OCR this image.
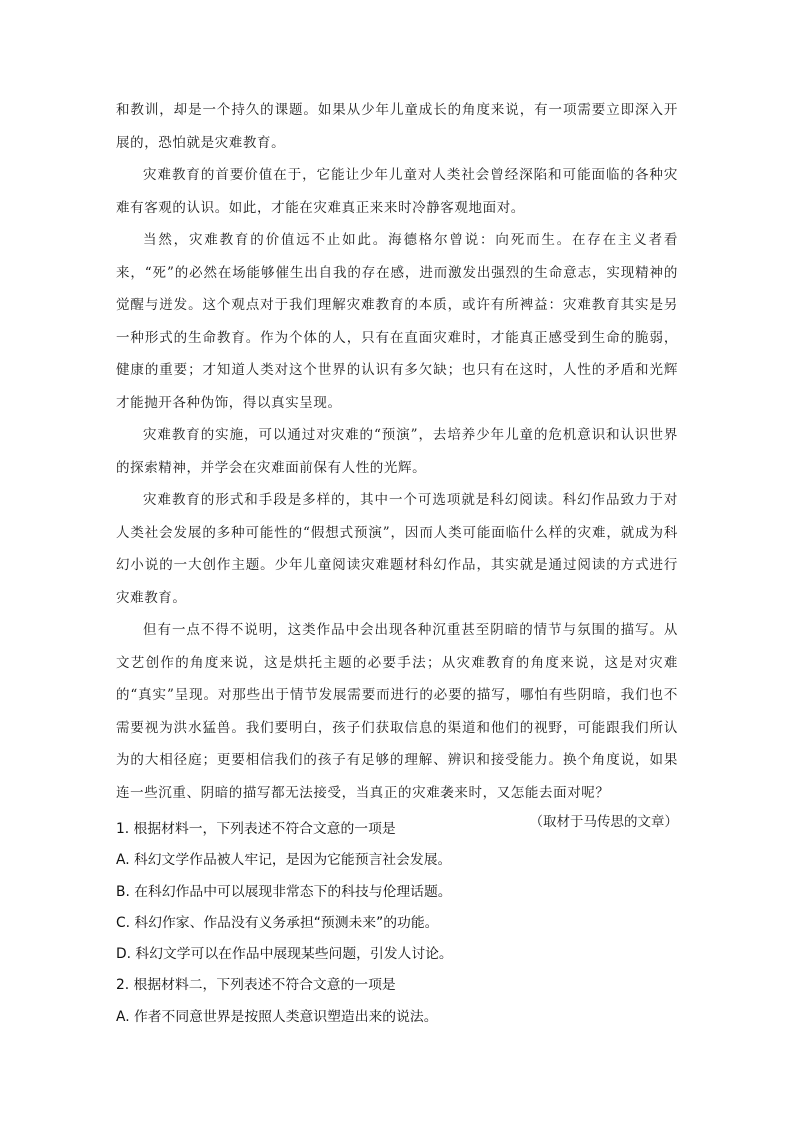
和教训，却是一个持久的课题。如果从少年儿童成长的角度来说，有一项需要立即深入开展的，恐怕就是灾难教育。

灾难教育的首要价值在于，它能让少年儿童对人类社会曾经深陷和可能面临的各种灾难有客观的认识。如此，才能在灾难真正来来时冷静客观地面对。

当然，灾难教育的价值远不止如此。海德格尔曾说：向死而生。在存在主义者看来，“死”的必然在场能够催生出自我的存在感，进而激发出强烈的生命意志，实现精神的觉醒与迸发。这个观点对于我们理解灾难教育的本质，或许有所裨益：灾难教育其实是另一种形式的生命教育。作为个体的人，只有在直面灾难时，才能真正感受到生命的脆弱，健康的重要；才知道人类对这个世界的认识有多欠缺；也只有在这时，人性的矛盾和光辉才能抛开各种伪饰，得以真实呈现。

灾难教育的实施，可以通过对灾难的“预演”，去培养少年儿童的危机意识和认识世界的探索精神，并学会在灾难面前保有人性的光辉。

灾难教育的形式和手段是多样的，其中一个可选项就是科幻阅读。科幻作品致力于对人类社会发展的多种可能性的“假想式预演”，因而人类可能面临什么样的灾难，就成为科幻小说的一大创作主题。少年儿童阅读灾难题材科幻作品，其实就是通过阅读的方式进行灾难教育。

但有一点不得不说明，这类作品中会出现各种沉重甚至阴暗的情节与氛围的描写。从文艺创作的角度来说，这是烘托主题的必要手法；从灾难教育的角度来说，这是对灾难的“真实”呈现。对那些出于情节发展需要而进行的必要的描写，哪怕有些阴暗，我们也不需要视为洪水猛兽。我们要明白，孩子们获取信息的渠道和他们的视野，可能跟我们所认为的大相径庭；更要相信我们的孩子有足够的理解、辨识和接受能力。换个角度说，如果连一些沉重、阴暗的描写都无法接受，当真正的灾难袭来时，又怎能去面对呢？

（取材于马传思的文章）

1. 根据材料一，下列表述不符合文意的一项是

A. 科幻文学作品被人牢记，是因为它能预言社会发展。

B. 在科幻作品中可以展现非常态下的科技与伦理话题。

C. 科幻作家、作品没有义务承担“预测未来”的功能。

D. 科幻文学可以在作品中展现某些问题，引发人讨论。

2. 根据材料二，下列表述不符合文意的一项是

A. 作者不同意世界是按照人类意识塑造出来的说法。
